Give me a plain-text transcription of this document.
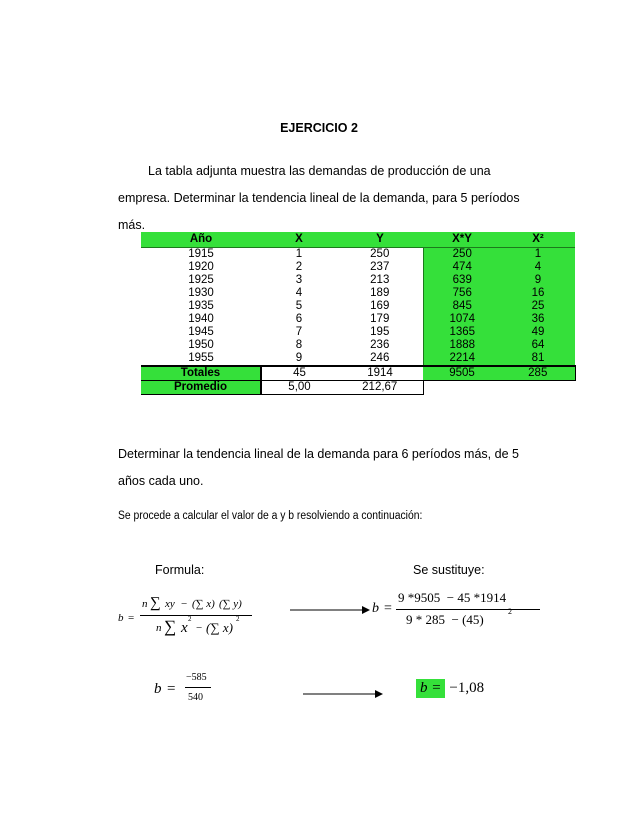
EJERCICIO 2
La tabla adjunta muestra las demandas de producción de una empresa. Determinar la tendencia lineal de la demanda, para 5 períodos más.
Año	X	Y	X*Y	X²
1915	1	250	250	1
1920	2	237	474	4
1925	3	213	639	9
1930	4	189	756	16
1935	5	169	845	25
1940	6	179	1074	36
1945	7	195	1365	49
1950	8	236	1888	64
1955	9	246	2214	81
Totales	45	1914	9505	285
Promedio	5,00	212,67		
Determinar la tendencia lineal de la demanda para 6 períodos más, de 5 años cada uno.
Se procede a calcular el valor de a y b resolviendo a continuación:
Formula:	Se sustituye:
b =
n ∑ xy − (∑ x) (∑ y)
n ∑ x
2
− (∑ x)
2
b =
9 *9505  − 45 *1914
9 * 285  − (45)
2
b =
−585
540
b = −1,08
